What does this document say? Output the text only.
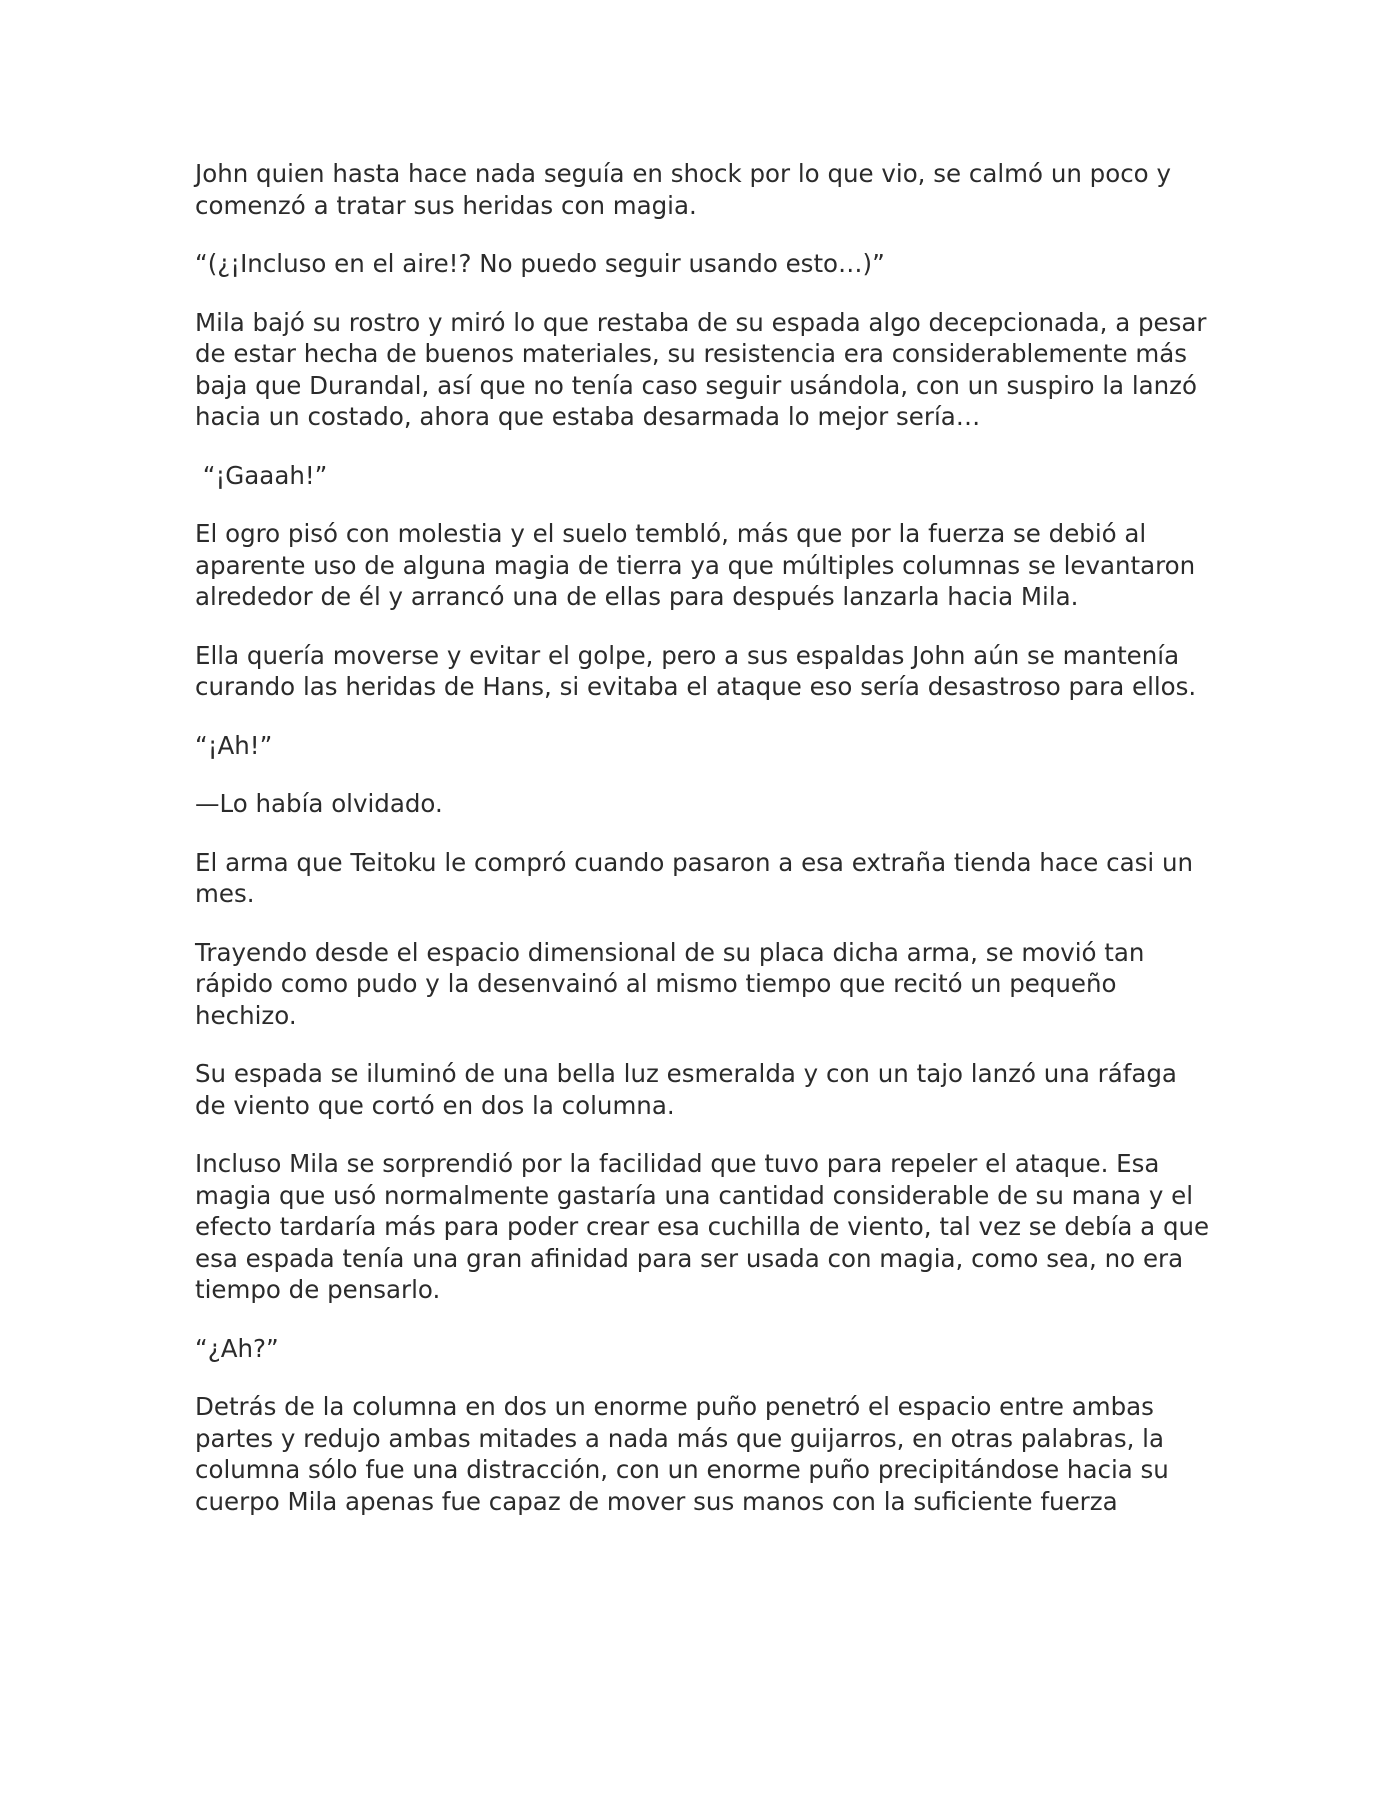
John quien hasta hace nada seguía en shock por lo que vio, se calmó un poco y comenzó a tratar sus heridas con magia.

“(¿¡Incluso en el aire!? No puedo seguir usando esto…)”

Mila bajó su rostro y miró lo que restaba de su espada algo decepcionada, a pesar de estar hecha de buenos materiales, su resistencia era considerablemente más baja que Durandal, así que no tenía caso seguir usándola, con un suspiro la lanzó hacia un costado, ahora que estaba desarmada lo mejor sería…

“¡Gaaah!”

El ogro pisó con molestia y el suelo tembló, más que por la fuerza se debió al aparente uso de alguna magia de tierra ya que múltiples columnas se levantaron alrededor de él y arrancó una de ellas para después lanzarla hacia Mila.

Ella quería moverse y evitar el golpe, pero a sus espaldas John aún se mantenía curando las heridas de Hans, si evitaba el ataque eso sería desastroso para ellos.

“¡Ah!”

—Lo había olvidado.

El arma que Teitoku le compró cuando pasaron a esa extraña tienda hace casi un mes.

Trayendo desde el espacio dimensional de su placa dicha arma, se movió tan rápido como pudo y la desenvainó al mismo tiempo que recitó un pequeño hechizo.

Su espada se iluminó de una bella luz esmeralda y con un tajo lanzó una ráfaga de viento que cortó en dos la columna.

Incluso Mila se sorprendió por la facilidad que tuvo para repeler el ataque. Esa magia que usó normalmente gastaría una cantidad considerable de su mana y el efecto tardaría más para poder crear esa cuchilla de viento, tal vez se debía a que esa espada tenía una gran afinidad para ser usada con magia, como sea, no era tiempo de pensarlo.

“¿Ah?”

Detrás de la columna en dos un enorme puño penetró el espacio entre ambas partes y redujo ambas mitades a nada más que guijarros, en otras palabras, la columna sólo fue una distracción, con un enorme puño precipitándose hacia su cuerpo Mila apenas fue capaz de mover sus manos con la suficiente fuerza
